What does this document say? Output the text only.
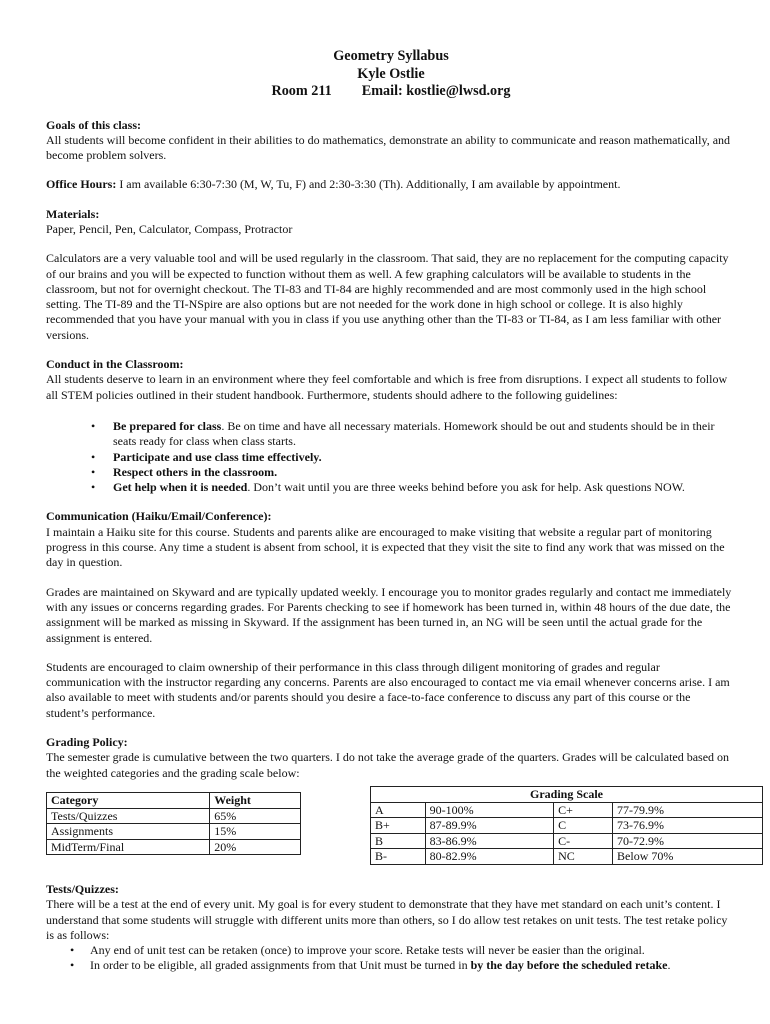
Geometry Syllabus
Kyle Ostlie
Room 211 Email: kostlie@lwsd.org
Goals of this class:

All students will become confident in their abilities to do mathematics, demonstrate an ability to communicate and reason mathematically, and become problem solvers.

Office Hours: I am available 6:30-7:30 (M, W, Tu, F) and 2:30-3:30 (Th). Additionally, I am available by appointment.

Materials:

Paper, Pencil, Pen, Calculator, Compass, Protractor

Calculators are a very valuable tool and will be used regularly in the classroom. That said, they are no replacement for the computing capacity of our brains and you will be expected to function without them as well. A few graphing calculators will be available to students in the classroom, but not for overnight checkout. The TI-83 and TI-84 are highly recommended and are most commonly used in the high school setting. The TI-89 and the TI-NSpire are also options but are not needed for the work done in high school or college. It is also highly recommended that you have your manual with you in class if you use anything other than the TI-83 or TI-84, as I am less familiar with other versions.

Conduct in the Classroom:

All students deserve to learn in an environment where they feel comfortable and which is free from disruptions. I expect all students to follow all STEM policies outlined in their student handbook. Furthermore, students should adhere to the following guidelines:

• Be prepared for class. Be on time and have all necessary materials. Homework should be out and students should be in their seats ready for class when class starts.
• Participate and use class time effectively.
• Respect others in the classroom.
• Get help when it is needed. Don’t wait until you are three weeks behind before you ask for help. Ask questions NOW.
Communication (Haiku/Email/Conference):

I maintain a Haiku site for this course. Students and parents alike are encouraged to make visiting that website a regular part of monitoring progress in this course. Any time a student is absent from school, it is expected that they visit the site to find any work that was missed on the day in question.

Grades are maintained on Skyward and are typically updated weekly. I encourage you to monitor grades regularly and contact me immediately with any issues or concerns regarding grades. For Parents checking to see if homework has been turned in, within 48 hours of the due date, the assignment will be marked as missing in Skyward. If the assignment has been turned in, an NG will be seen until the actual grade for the assignment is entered.

Students are encouraged to claim ownership of their performance in this class through diligent monitoring of grades and regular communication with the instructor regarding any concerns. Parents are also encouraged to contact me via email whenever concerns arise. I am also available to meet with students and/or parents should you desire a face-to-face conference to discuss any part of this course or the student’s performance.

Grading Policy:

The semester grade is cumulative between the two quarters. I do not take the average grade of the quarters. Grades will be calculated based on the weighted categories and the grading scale below:

Category	Weight
Tests/Quizzes	65%
Assignments	15%
MidTerm/Final	20%
Grading Scale			
A	90-100%	C+	77-79.9%
B+	87-89.9%	C	73-76.9%
B	83-86.9%	C-	70-72.9%
B-	80-82.9%	NC	Below 70%
Tests/Quizzes:

There will be a test at the end of every unit. My goal is for every student to demonstrate that they have met standard on each unit’s content. I understand that some students will struggle with different units more than others, so I do allow test retakes on unit tests. The test retake policy is as follows:

• Any end of unit test can be retaken (once) to improve your score. Retake tests will never be easier than the original.
• In order to be eligible, all graded assignments from that Unit must be turned in by the day before the scheduled retake.
